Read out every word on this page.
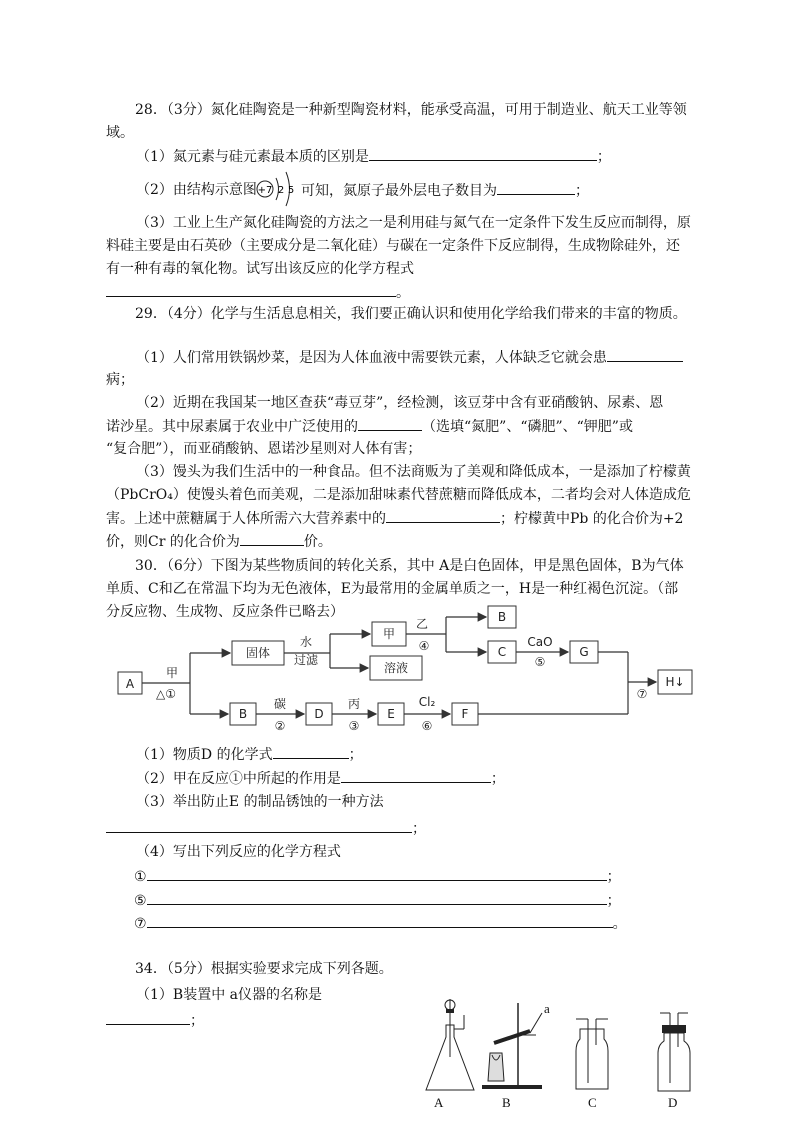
28．（3分）氮化硅陶瓷是一种新型陶瓷材料，能承受高温，可用于制造业、航天工业等领
域。
（1）氮元素与硅元素最本质的区别是	；
（2）由结构示意图 +7 2 5 可知，氮原子最外层电子数目为	；
（3）工业上生产氮化硅陶瓷的方法之一是利用硅与氮气在一定条件下发生反应而制得，原
料硅主要是由石英砂（主要成分是二氧化硅）与碳在一定条件下反应制得，生成物除硅外，还
有一种有毒的氧化物。试写出该反应的化学方程式
。
29．（4分）化学与生活息息相关，我们要正确认识和使用化学给我们带来的丰富的物质。
（1）人们常用铁锅炒菜，是因为人体血液中需要铁元素，人体缺乏它就会患
病；
（2）近期在我国某一地区查获“毒豆芽”，经检测，该豆芽中含有亚硝酸钠、尿素、恩
诺沙星。其中尿素属于农业中广泛使用的	（选填“氮肥”、“磷肥”、“钾肥”或
“复合肥”），而亚硝酸钠、恩诺沙星则对人体有害；
（3）馒头为我们生活中的一种食品。但不法商贩为了美观和降低成本，一是添加了柠檬黄
（PbCrO₄）使馒头着色而美观，二是添加甜味素代替蔗糖而降低成本，二者均会对人体造成危
害。上述中蔗糖属于人体所需六大营养素中的	；柠檬黄中Pb 的化合价为+2
价，则Cr 的化合价为	价。
30．（6分）下图为某些物质间的转化关系，其中 A是白色固体，甲是黑色固体，B为气体
单质、C和乙在常温下均为无色液体，E为最常用的金属单质之一，H是一种红褐色沉淀。（部
分反应物、生成物、反应条件已略去）
A
固体
甲
溶液
B
C	G
H↓
B	D	E	F
甲
△①
水
过滤
乙
④	CaO
⑤
⑦
碳
②
丙
③
Cl₂
⑥
（1）物质D 的化学式	；
（2）甲在反应①中所起的作用是	；
（3）举出防止E 的制品锈蚀的一种方法
；
（4）写出下列反应的化学方程式
①	；
⑤	；
⑦	。
34．（5分）根据实验要求完成下列各题。
（1）B装置中 a仪器的名称是
；
A
a
B	C	D
